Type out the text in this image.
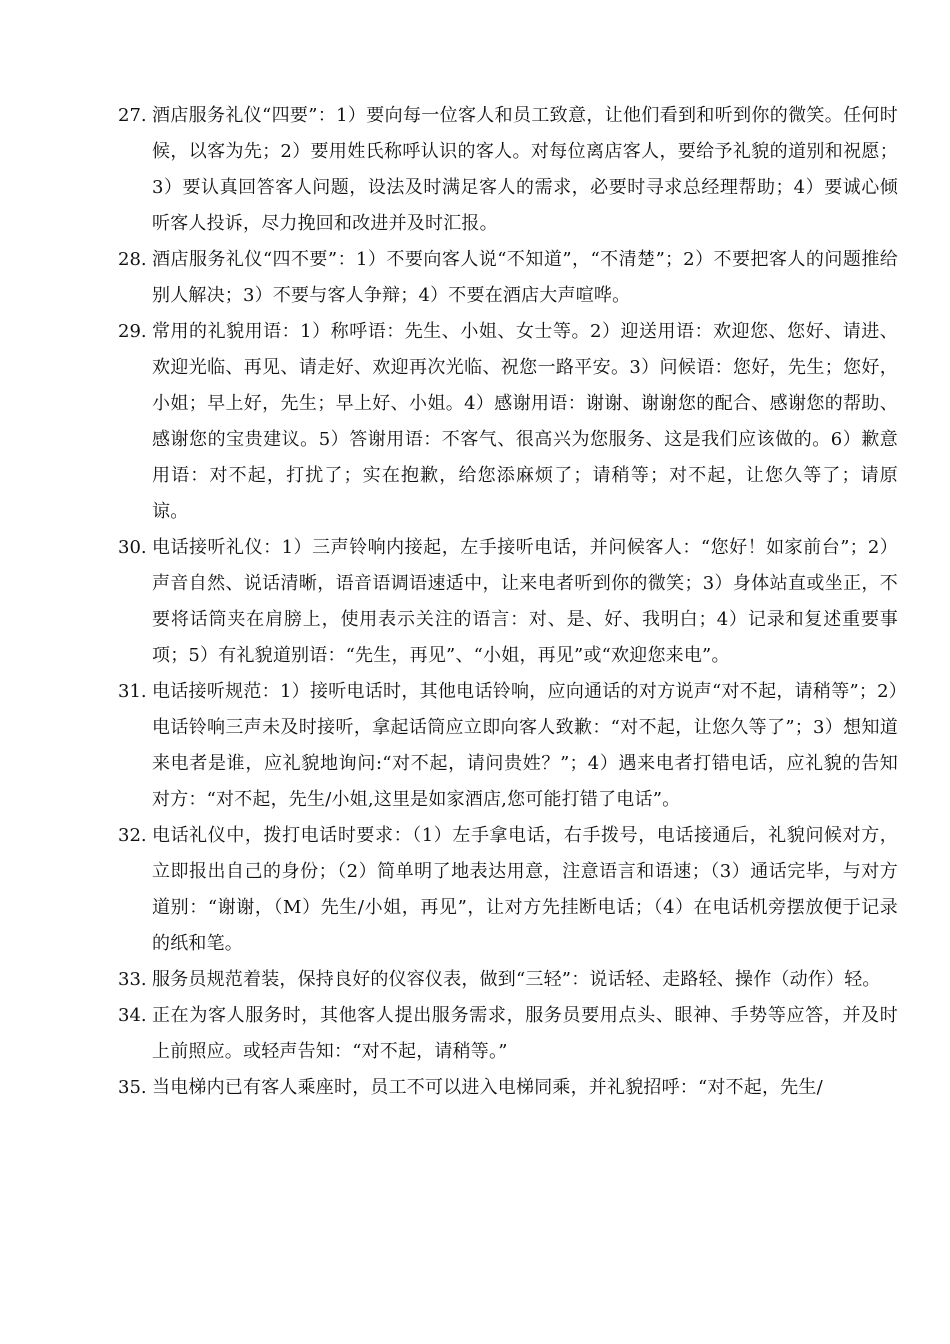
27. 酒店服务礼仪“四要”：1）要向每一位客人和员工致意，让他们看到和听到你的微笑。任何时候，以客为先；2）要用姓氏称呼认识的客人。对每位离店客人，要给予礼貌的道别和祝愿；3）要认真回答客人问题，设法及时满足客人的需求，必要时寻求总经理帮助；4）要诚心倾听客人投诉，尽力挽回和改进并及时汇报。
28. 酒店服务礼仪“四不要”：1）不要向客人说“不知道”，“不清楚”；2）不要把客人的问题推给别人解决；3）不要与客人争辩；4）不要在酒店大声喧哗。
29. 常用的礼貌用语：1）称呼语：先生、小姐、女士等。2）迎送用语：欢迎您、您好、请进、欢迎光临、再见、请走好、欢迎再次光临、祝您一路平安。3）问候语：您好，先生；您好，小姐；早上好，先生；早上好、小姐。4）感谢用语：谢谢、谢谢您的配合、感谢您的帮助、感谢您的宝贵建议。5）答谢用语：不客气、很高兴为您服务、这是我们应该做的。6）歉意用语：对不起，打扰了；实在抱歉，给您添麻烦了；请稍等；对不起，让您久等了；请原谅。
30. 电话接听礼仪：1）三声铃响内接起，左手接听电话，并问候客人：“您好！如家前台”；2）声音自然、说话清晰，语音语调语速适中，让来电者听到你的微笑；3）身体站直或坐正，不要将话筒夹在肩膀上，使用表示关注的语言：对、是、好、我明白；4）记录和复述重要事项；5）有礼貌道别语：“先生，再见”、“小姐，再见”或“欢迎您来电”。
31. 电话接听规范：1）接听电话时，其他电话铃响，应向通话的对方说声“对不起，请稍等”；2）电话铃响三声未及时接听，拿起话筒应立即向客人致歉：“对不起，让您久等了”；3）想知道来电者是谁，应礼貌地询问:“对不起，请问贵姓？”；4）遇来电者打错电话，应礼貌的告知对方：“对不起，先生/小姐,这里是如家酒店,您可能打错了电话”。
32. 电话礼仪中，拨打电话时要求：（1）左手拿电话，右手拨号，电话接通后，礼貌问候对方，立即报出自己的身份；（2）简单明了地表达用意，注意语言和语速；（3）通话完毕，与对方道别：“谢谢，（M）先生/小姐，再见”，让对方先挂断电话；（4）在电话机旁摆放便于记录的纸和笔。
33. 服务员规范着装，保持良好的仪容仪表，做到“三轻”：说话轻、走路轻、操作（动作）轻。
34. 正在为客人服务时，其他客人提出服务需求，服务员要用点头、眼神、手势等应答，并及时上前照应。或轻声告知：“对不起，请稍等。”
35. 当电梯内已有客人乘座时，员工不可以进入电梯同乘，并礼貌招呼：“对不起，先生/
